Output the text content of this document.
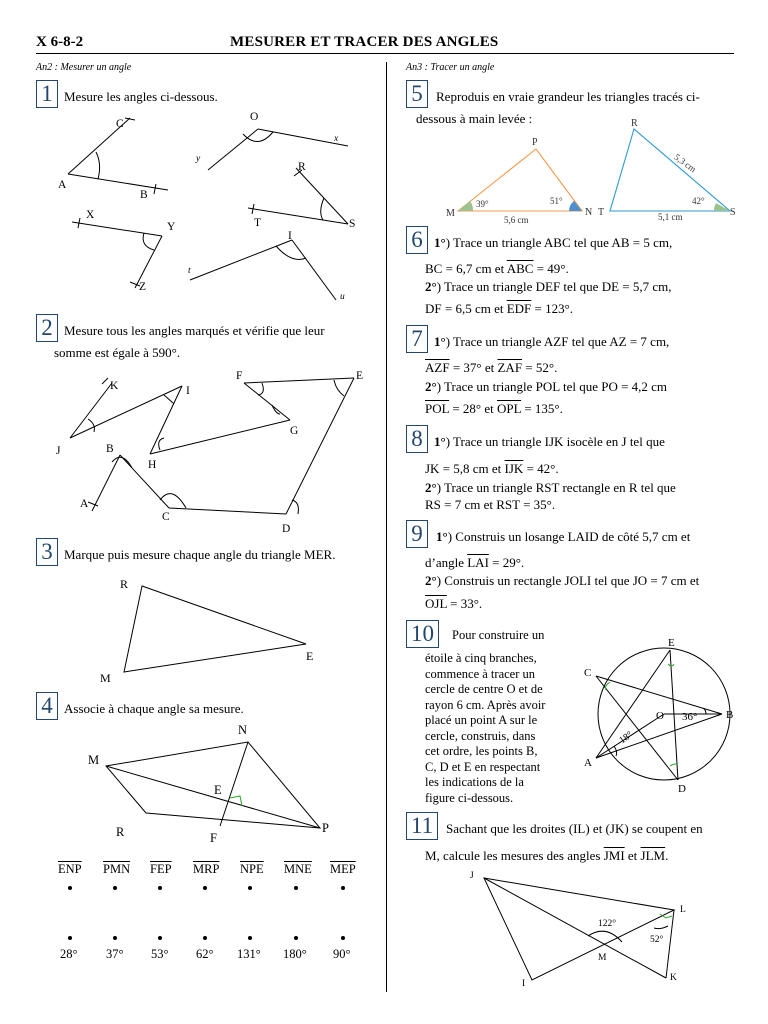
X 6-8-2	MESURER ET TRACER DES ANGLES
An2 : Mesurer un angle	An3 : Tracer un angle
1 Mesure les angles ci-dessous.
C
A
B
O
y
x
R
T	S
X
Y
Z
I
t
u
2 Mesure tous les angles marqués et vérifie que leur
somme est égale à 590°.
K	I
F	E
J
G
H
B
A
C
D
3 Marque puis mesure chaque angle du triangle MER.
R
E
M
4 Associe à chaque angle sa mesure.
N
M
E
R	F
P
$\overline{ENP}$ $\overline{PMN}$ $\overline{FEP}$ $\overline{MRP}$ $\overline{NPE}$ $\overline{MNE}$ $\overline{MEP}$
28° 37° 53° 62° 131° 180° 90°
5	Reproduis en vraie grandeur les triangles tracés ci-
dessous à main levée :
P
M	N
39°	51°
5,6 cm
R
T	S
42°
5,3 cm
5,1 cm
6 1°) Trace un triangle ABC tel que AB = 5 cm,
BC = 6,7 cm et $\overline{ABC} = 49^\circ$.
2°) Trace un triangle DEF tel que DE = 5,7 cm,
DF = 6,5 cm et $\overline{EDF} = 123^\circ$.
7 1°) Trace un triangle AZF tel que AZ = 7 cm,
$\overline{AZF} = 37^\circ$ et $\overline{ZAF} = 52^\circ$.
2°) Trace un triangle POL tel que PO = 4,2 cm
$\overline{POL} = 28^\circ$ et $\overline{OPL} = 135^\circ$.
8 1°) Trace un triangle IJK isocèle en J tel que
JK = 5,8 cm et $\overline{IJK} = 42^\circ$.
2°) Trace un triangle RST rectangle en R tel que
RS = 7 cm et RST = 35°.
9	1°) Construis un losange LAID de côté 5,7 cm et
d’angle $\overline{LAI} = 29^\circ$.
2°) Construis un rectangle JOLI tel que JO = 7 cm et
$\overline{OJL} = 33^\circ$.
10	Pour construire un
étoile à cinq branches,
commence à tracer un
cercle de centre O et de
rayon 6 cm. Après avoir
placé un point A sur le
cercle, construis, dans
cet ordre, les points B,
C, D et E en respectant
les indications de la
figure ci-dessous.
E
C
O 36°	B
18°
A
D
11 Sachant que les droites (IL) et (JK) se coupent en
M, calcule les mesures des angles $\overline{JMI}$ et $\overline{JLM}$.
J
L
122°
52°
M
I
K
